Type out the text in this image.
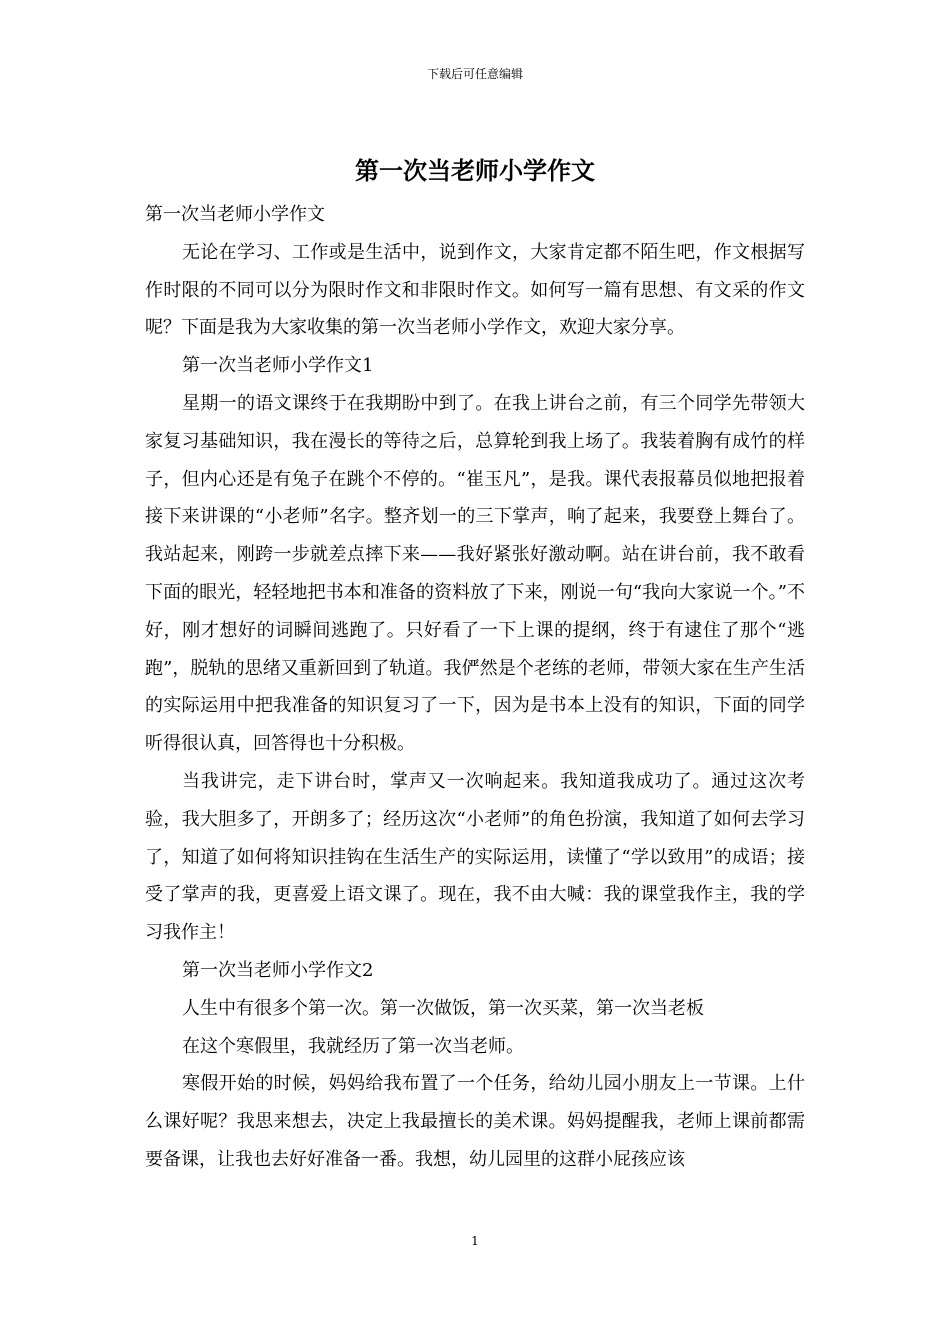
下载后可任意编辑
第一次当老师小学作文

第一次当老师小学作文

无论在学习、工作或是生活中，说到作文，大家肯定都不陌生吧，作文根据写作时限的不同可以分为限时作文和非限时作文。如何写一篇有思想、有文采的作文呢？下面是我为大家收集的第一次当老师小学作文，欢迎大家分享。

第一次当老师小学作文1

星期一的语文课终于在我期盼中到了。在我上讲台之前，有三个同学先带领大家复习基础知识，我在漫长的等待之后，总算轮到我上场了。我装着胸有成竹的样子，但内心还是有兔子在跳个不停的。“崔玉凡”，是我。课代表报幕员似地把报着接下来讲课的“小老师”名字。整齐划一的三下掌声，响了起来，我要登上舞台了。我站起来，刚跨一步就差点摔下来——我好紧张好激动啊。站在讲台前，我不敢看下面的眼光，轻轻地把书本和准备的资料放了下来，刚说一句“我向大家说一个。”不好，刚才想好的词瞬间逃跑了。只好看了一下上课的提纲，终于有逮住了那个“逃跑”，脱轨的思绪又重新回到了轨道。我俨然是个老练的老师，带领大家在生产生活的实际运用中把我准备的知识复习了一下，因为是书本上没有的知识，下面的同学听得很认真，回答得也十分积极。

当我讲完，走下讲台时，掌声又一次响起来。我知道我成功了。通过这次考验，我大胆多了，开朗多了；经历这次“小老师”的角色扮演，我知道了如何去学习了，知道了如何将知识挂钩在生活生产的实际运用，读懂了“学以致用”的成语；接受了掌声的我，更喜爱上语文课了。现在，我不由大喊：我的课堂我作主，我的学习我作主！

第一次当老师小学作文2

人生中有很多个第一次。第一次做饭，第一次买菜，第一次当老板

在这个寒假里，我就经历了第一次当老师。

寒假开始的时候，妈妈给我布置了一个任务，给幼儿园小朋友上一节课。上什么课好呢？我思来想去，决定上我最擅长的美术课。妈妈提醒我，老师上课前都需要备课，让我也去好好准备一番。我想，幼儿园里的这群小屁孩应该

1
